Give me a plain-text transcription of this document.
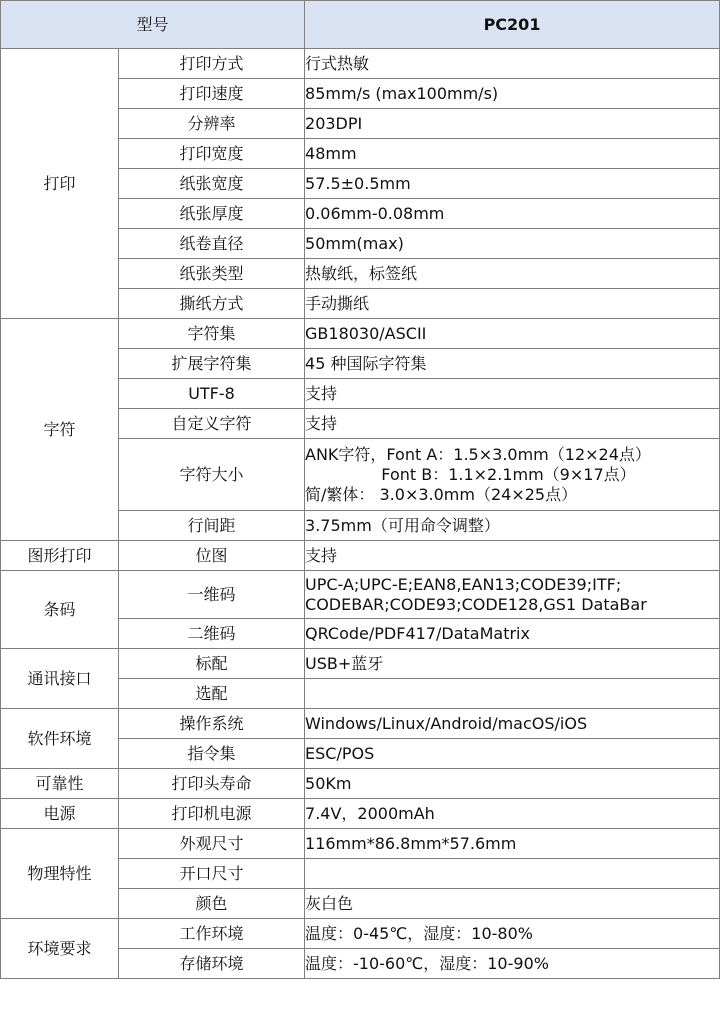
型号		PC201
打印	打印方式	行式热敏
	打印速度	85mm/s (max100mm/s)
	分辨率	203DPI
	打印宽度	48mm
	纸张宽度	57.5±0.5mm
	纸张厚度	0.06mm-0.08mm
	纸卷直径	50mm(max)
	纸张类型	热敏纸，标签纸
	撕纸方式	手动撕纸
字符	字符集	GB18030/ASCII
	扩展字符集	45 种国际字符集
	UTF-8	支持
	自定义字符	支持
	字符大小	ANK字符，Font A：1.5×3.0mm（12×24点）
Font B：1.1×2.1mm（9×17点）
简/繁体： 3.0×3.0mm（24×25点）
	行间距	3.75mm（可用命令调整）
图形打印	位图	支持
条码	一维码	UPC-A;UPC-E;EAN8,EAN13;CODE39;ITF;
CODEBAR;CODE93;CODE128,GS1 DataBar
	二维码	QRCode/PDF417/DataMatrix
通讯接口	标配	USB+蓝牙
	选配	
软件环境	操作系统	Windows/Linux/Android/macOS/iOS
	指令集	ESC/POS
可靠性	打印头寿命	50Km
电源	打印机电源	7.4V，2000mAh
物理特性	外观尺寸	116mm*86.8mm*57.6mm
	开口尺寸	
	颜色	灰白色
环境要求	工作环境	温度：0-45℃，湿度：10-80%
	存储环境	温度：-10-60℃，湿度：10-90%
